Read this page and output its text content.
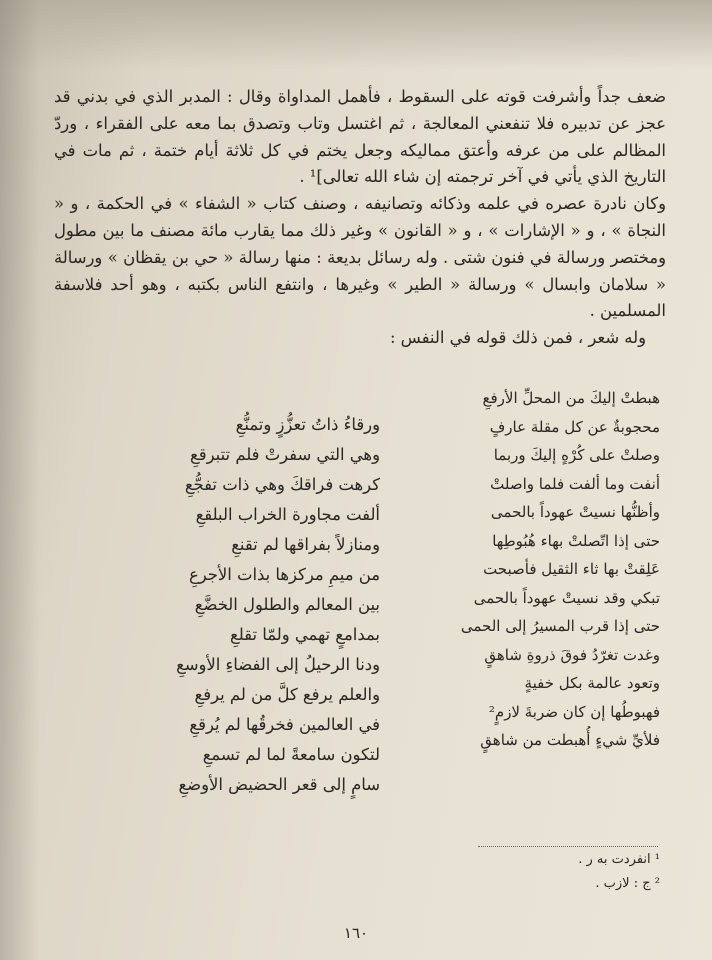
ضعف جداً وأشرفت قوته على السقوط ، فأهمل المداواة وقال : المدبر الذي في بدني قد عجز عن تدبيره فلا تنفعني المعالجة ، ثم اغتسل وتاب وتصدق بما معه على الفقراء ، وردّ المظالم على من عرفه وأعتق مماليكه وجعل يختم في كل ثلاثة أيام ختمة ، ثم مات في التاريخ الذي يأتي في آخر ترجمته إن شاء الله تعالى]¹ .

وكان نادرة عصره في علمه وذكائه وتصانيفه ، وصنف كتاب « الشفاء » في الحكمة ، و « النجاة » ، و « الإشارات » ، و « القانون » وغير ذلك مما يقارب مائة مصنف ما بين مطول ومختصر ورسالة في فنون شتى . وله رسائل بديعة : منها رسالة « حي بن يقظان » ورسالة « سلامان وابسال » ورسالة « الطير » وغيرها ، وانتفع الناس بكتبه ، وهو أحد فلاسفة المسلمين .

وله شعر ، فمن ذلك قوله في النفس :

هبطتْ إليكَ من المحلِّ الأرفعِ
محجوبةٌ عن كل مقلة عارفٍ
وصلتْ على كُرْهٍ إليكَ وربما
أنفت وما ألفت فلما واصلتْ
وأظنُّها نسيتْ عهوداً بالحمى
حتى إذا اتّصلتْ بهاء هُبُوطِها
عَلِقتْ بها ثاء الثقيل فأصبحت
تبكي وقد نسيتْ عهوداً بالحمى
حتى إذا قرب المسيرُ إلى الحمى
وغدت تغرّدُ فوقَ ذروةِ شاهقٍ
وتعود عالمة بكل خفيةٍ
فهبوطُها إن كان ضربةَ لازمٍ²
فلأيِّ شيءٍ أُهبطت من شاهقٍ
ورقاءُ ذاتُ تعزُّزٍ وتمنُّعِ
وهي التي سفرتْ فلم تتبرقعِ
كرهت فراقكَ وهي ذات تفجُّعِ
ألفت مجاورة الخراب البلقعِ
ومنازلاً بفراقها لم تقنعِ
من ميمِ مركزها بذات الأجرعِ
بين المعالم والطلول الخضَّعِ
بمدامعٍ تهمي ولمّا تقلعِ
ودنا الرحيلُ إلى الفضاءِ الأوسعِ
والعلم يرفع كلَّ من لم يرفعِ
في العالمين فخرقُها لم يُرقعِ
لتكون سامعةً لما لم تسمعِ
سامٍ إلى قعر الحضيض الأوضعِ
¹ انفردت به ر .
² ج : لازب .
١٦٠
